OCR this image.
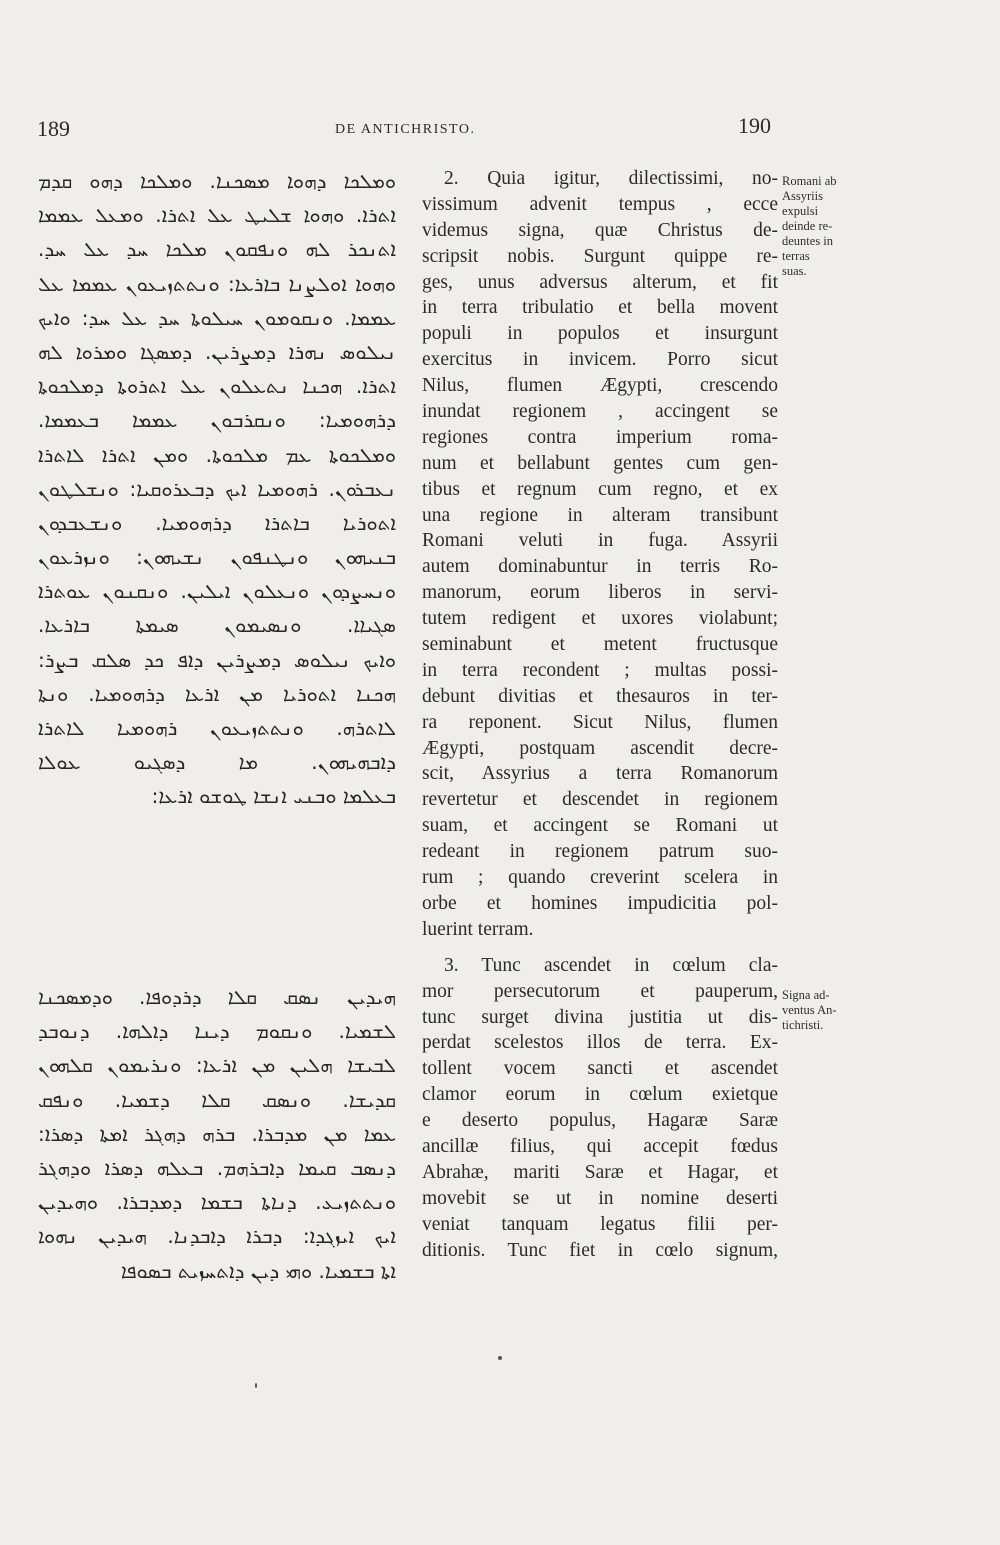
189	DE ANTICHRISTO.	190
ܘܡܠܟܐ ܕܗܘܐ ܡܣܟܢܐ. ܘܡܠܟܐ ܕܗܘ ܩܕܡ
ܐܬܪܐ. ܘܗܘܐ ܫܠܝܛ ܥܠ ܐܬܪܐ. ܘܡܥܠ ܥܡܡܐ
ܐܬܢܟܪ ܠܗ ܘܢܦܩܘܢ ܡܠܟܐ ܚܕ ܥܠ ܚܕ.
ܘܗܘܐ ܐܘܠܨܢܐ ܒܐܪܥܐ: ܘܢܬܬܙܝܥܘܢ ܥܡܡܐ ܥܠ
ܥܡܡܐ. ܘܢܩܘܡܘܢ ܚܝܠܘܬܐ ܚܕ ܥܠ ܚܕ: ܘܐܝܟ
ܢܝܠܘܣ ܢܗܪܐ ܕܡܨܪܝܢ. ܕܡܣܓܐ ܘܡܪܘܐ ܠܗ
ܐܬܪܐ. ܗܟܢܐ ܢܬܥܠܘܢ ܥܠ ܐܬܪܘܬܐ ܕܡܠܟܘܬܐ
ܕܪܗܘܡܝܐ: ܘܢܩܪܒܘܢ ܥܡܡܐ ܒܥܡܡܐ.
ܘܡܠܟܘܬܐ ܥܡ ܡܠܟܘܬܐ. ܘܡܢ ܐܬܪܐ ܠܐܬܪܐ
ܢܥܒܪܘܢ. ܪܗܘܡܝܐ ܐܝܟ ܕܒܥܪܘܩܝܐ: ܘܢܫܠܛܘܢ
ܐܬܘܪܝܐ ܒܐܬܪܐ ܕܪܗܘܡܝܐ. ܘܢܫܥܒܕܘܢ
ܒܢܝܗܘܢ ܘܢܛܢܦܘܢ ܢܫܝܗܘܢ: ܘܢܙܪܥܘܢ
ܘܢܚܨܕܘܢ ܘܢܥܠܘܢ ܐܝܠܝܢ. ܘܢܩܢܘܢ ܥܘܬܪܐ
ܣܓܝܐܐ. ܘܢܣܝܡܘܢ ܣܝܡܬܐ ܒܐܪܥܐ.
ܘܐܝܟ ܢܝܠܘܣ ܕܡܨܪܝܢ ܕܐܦ ܟܕ ܣܠܩ ܒܨܪ:
ܗܟܢܐ ܐܬܘܪܝܐ ܡܢ ܐܪܥܐ ܕܪܗܘܡܝܐ. ܘܢܬܐ
ܠܐܬܪܗ. ܘܢܬܬܙܝܥܘܢ ܪܗܘܡܝܐ ܠܐܬܪܐ
ܕܐܒܗܝܗܘܢ. ܡܐ ܕܣܓܝܘ ܥܘܠܐ
ܒܥܠܡܐ ܘܒܢܝ ܐܢܫܐ ܛܘܫܘ ܐܪܥܐ:
ܗܝܕܝܢ ܢܣܩ ܩܠܐ ܕܪܕܘܦܐ. ܘܕܡܣܟܢܐ
ܠܫܡܝܐ. ܘܢܩܘܡ ܕܝܢܐ ܕܐܠܗܐ. ܕܢܘܒܕ
ܠܒܝܫܐ ܗܠܝܢ ܡܢ ܐܪܥܐ: ܘܢܪܝܡܘܢ ܩܠܗܘܢ
ܩܕܝܫܐ. ܘܢܣܩ ܩܠܐ ܕܫܡܝܐ. ܘܢܦܩ
ܥܡܐ ܡܢ ܡܕܒܪܐ. ܒܪܗ ܕܗܓܪ ܐܡܬܐ ܕܣܪܐ:
ܕܢܣܒ ܩܝܡܐ ܕܐܒܪܗܡ. ܒܥܠܗ ܕܣܪܐ ܘܕܗܓܪ
ܘܢܬܬܙܝܥ. ܕܢܐܬܐ ܒܫܡܐ ܕܡܕܒܪܐ. ܘܗܝܕܝܢ
ܐܝܟ ܐܝܙܓܕܐ: ܕܒܪܐ ܕܐܒܕܢܐ. ܗܝܕܝܢ ܢܗܘܐ
ܐܬܐ ܒܫܡܝܐ. ܘܗܝ ܕܝܢ ܕܐܬܚܙܝܬ ܒܣܘܦܐ
2. Quia igitur, dilectissimi, no-
vissimum advenit tempus , ecce
videmus signa, quæ Christus de-
scripsit nobis. Surgunt quippe re-
ges, unus adversus alterum, et fit
in terra tribulatio et bella movent
populi in populos et insurgunt
exercitus in invicem. Porro sicut
Nilus, flumen Ægypti, crescendo
inundat regionem , accingent se
regiones contra imperium roma-
num et bellabunt gentes cum gen-
tibus et regnum cum regno, et ex
una regione in alteram transibunt
Romani veluti in fuga. Assyrii
autem dominabuntur in terris Ro-
manorum, eorum liberos in servi-
tutem redigent et uxores violabunt;
seminabunt et metent fructusque
in terra recondent ; multas possi-
debunt divitias et thesauros in ter-
ra reponent. Sicut Nilus, flumen
Ægypti, postquam ascendit decre-
scit, Assyrius a terra Romanorum
revertetur et descendet in regionem
suam, et accingent se Romani ut
redeant in regionem patrum suo-
rum ; quando creverint scelera in
orbe et homines impudicitia pol-
luerint terram.
3. Tunc ascendet in cœlum cla-
mor persecutorum et pauperum,
tunc surget divina justitia ut dis-
perdat scelestos illos de terra. Ex-
tollent vocem sancti et ascendet
clamor eorum in cœlum exietque
e deserto populus, Hagaræ Saræ
ancillæ filius, qui accepit fœdus
Abrahæ, mariti Saræ et Hagar, et
movebit se ut in nomine deserti
veniat tanquam legatus filii per-
ditionis. Tunc fiet in cœlo signum,
Romani ab
Assyriis
expulsi
deinde re-
deuntes in
terras
suas.
Signa ad-
ventus An-
tichristi.
